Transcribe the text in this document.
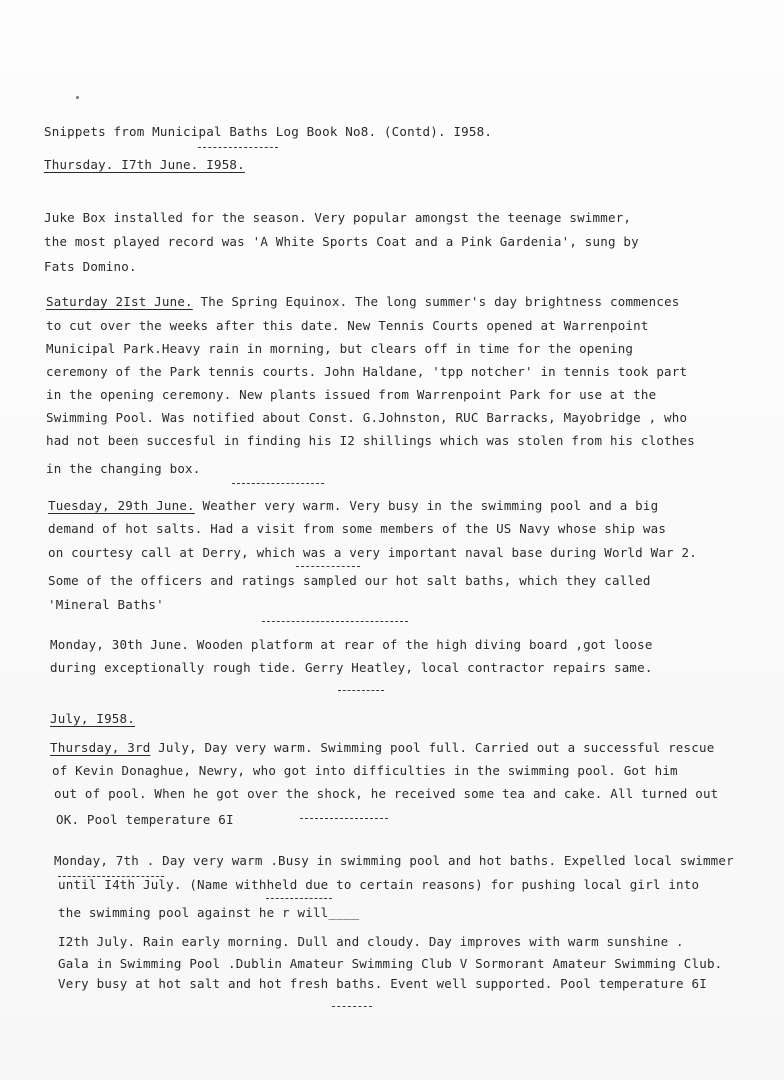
Snippets from Municipal Baths Log Book No8. (Contd). I958.
Thursday. I7th June. I958.
Juke Box installed for the season. Very popular amongst the teenage swimmer,
the most played record was 'A White Sports Coat and a Pink Gardenia', sung by
Fats Domino.
Saturday 2Ist June. The Spring Equinox. The long summer's day brightness commences
to cut over the weeks after this date. New Tennis Courts opened at Warrenpoint
Municipal Park.Heavy rain in morning, but clears off in time for the opening
ceremony of the Park tennis courts. John Haldane, 'tpp notcher' in tennis took part
in the opening ceremony. New plants issued from Warrenpoint Park for use at the
Swimming Pool. Was notified about Const. G.Johnston, RUC Barracks, Mayobridge , who
had not been succesful in finding his I2 shillings which was stolen from his clothes
in the changing box.
Tuesday, 29th June. Weather very warm. Very busy in the swimming pool and a big
demand of hot salts. Had a visit from some members of the US Navy whose ship was
on courtesy call at Derry, which was a very important naval base during World War 2.
Some of the officers and ratings sampled our hot salt baths, which they called
'Mineral Baths'
Monday, 30th June. Wooden platform at rear of the high diving board ,got loose
during exceptionally rough tide. Gerry Heatley, local contractor repairs same.
July, I958.
Thursday, 3rd July, Day very warm. Swimming pool full. Carried out a successful rescue
of Kevin Donaghue, Newry, who got into difficulties in the swimming pool. Got him
out of pool. When he got over the shock, he received some tea and cake. All turned out
OK. Pool temperature 6I
Monday, 7th . Day very warm .Busy in swimming pool and hot baths. Expelled local swimmer
until I4th July. (Name withheld due to certain reasons) for pushing local girl into
the swimming pool against he r will____
I2th July. Rain early morning. Dull and cloudy. Day improves with warm sunshine .
Gala in Swimming Pool .Dublin Amateur Swimming Club V Sormorant Amateur Swimming Club.
Very busy at hot salt and hot fresh baths. Event well supported. Pool temperature 6I
